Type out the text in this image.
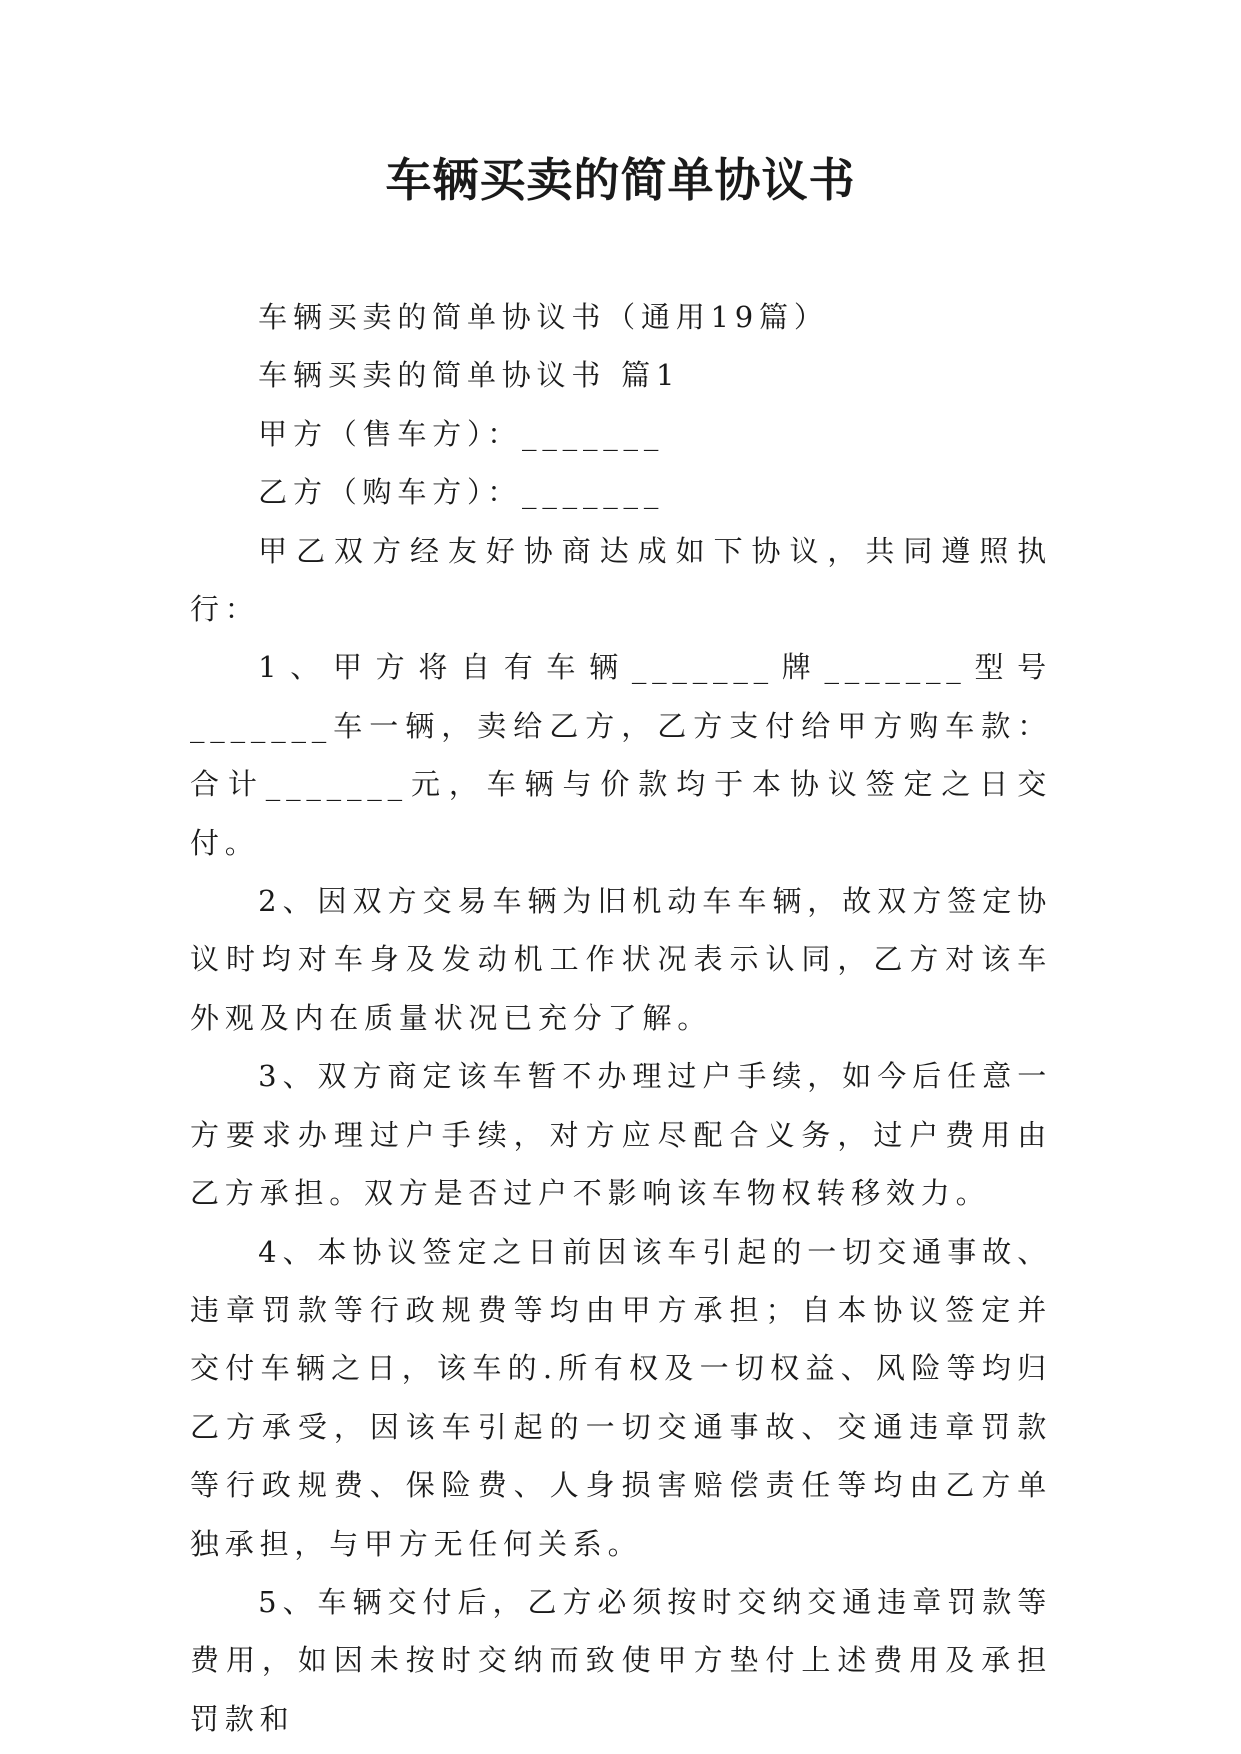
车辆买卖的简单协议书

车辆买卖的简单协议书（通用19篇）

车辆买卖的简单协议书 篇1

甲方（售车方）：_______

乙方（购车方）：_______

甲乙双方经友好协商达成如下协议，共同遵照执行：

1、甲方将自有车辆_______牌_______型号_______车一辆，卖给乙方，乙方支付给甲方购车款：合计_______元，车辆与价款均于本协议签定之日交付。

2、因双方交易车辆为旧机动车车辆，故双方签定协议时均对车身及发动机工作状况表示认同，乙方对该车外观及内在质量状况已充分了解。

3、双方商定该车暂不办理过户手续，如今后任意一方要求办理过户手续，对方应尽配合义务，过户费用由乙方承担。双方是否过户不影响该车物权转移效力。

4、本协议签定之日前因该车引起的一切交通事故、违章罚款等行政规费等均由甲方承担；自本协议签定并交付车辆之日，该车的.所有权及一切权益、风险等均归乙方承受，因该车引起的一切交通事故、交通违章罚款等行政规费、保险费、人身损害赔偿责任等均由乙方单独承担，与甲方无任何关系。

5、车辆交付后，乙方必须按时交纳交通违章罚款等费用，如因未按时交纳而致使甲方垫付上述费用及承担罚款和
